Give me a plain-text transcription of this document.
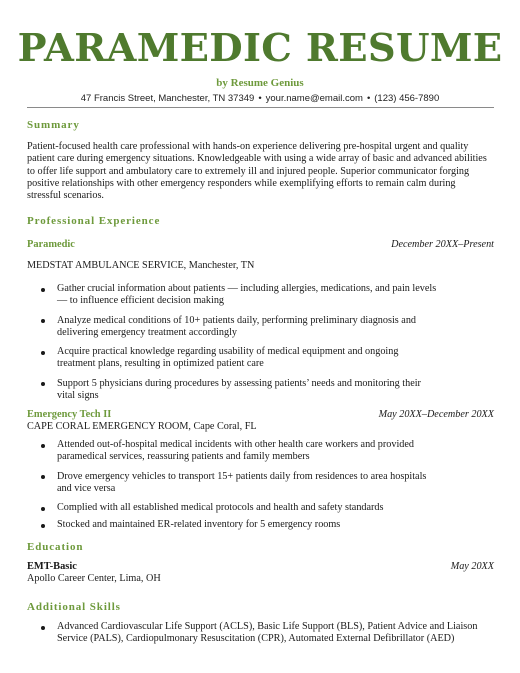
PARAMEDIC RESUME
by Resume Genius
47 Francis Street, Manchester, TN 37349 • your.name@email.com • (123) 456-7890
Summary
Patient-focused health care professional with hands-on experience delivering pre-hospital urgent and quality
patient care during emergency situations. Knowledgeable with using a wide array of basic and advanced abilities
to offer life support and ambulatory care to extremely ill and injured people. Superior communicator forging
positive relationships with other emergency responders while exemplifying efforts to remain calm during
stressful scenarios.
Professional Experience
Paramedic	December 20XX–Present
MEDSTAT AMBULANCE SERVICE, Manchester, TN
Gather crucial information about patients — including allergies, medications, and pain levels
— to influence efficient decision making
Analyze medical conditions of 10+ patients daily, performing preliminary diagnosis and
delivering emergency treatment accordingly
Acquire practical knowledge regarding usability of medical equipment and ongoing
treatment plans, resulting in optimized patient care
Support 5 physicians during procedures by assessing patients’ needs and monitoring their
vital signs
Emergency Tech II	May 20XX–December 20XX
CAPE CORAL EMERGENCY ROOM, Cape Coral, FL
Attended out-of-hospital medical incidents with other health care workers and provided
paramedical services, reassuring patients and family members
Drove emergency vehicles to transport 15+ patients daily from residences to area hospitals
and vice versa
Complied with all established medical protocols and health and safety standards
Stocked and maintained ER-related inventory for 5 emergency rooms
Education
EMT-Basic	May 20XX
Apollo Career Center, Lima, OH
Additional Skills
Advanced Cardiovascular Life Support (ACLS), Basic Life Support (BLS), Patient Advice and Liaison
Service (PALS), Cardiopulmonary Resuscitation (CPR), Automated External Defibrillator (AED)
